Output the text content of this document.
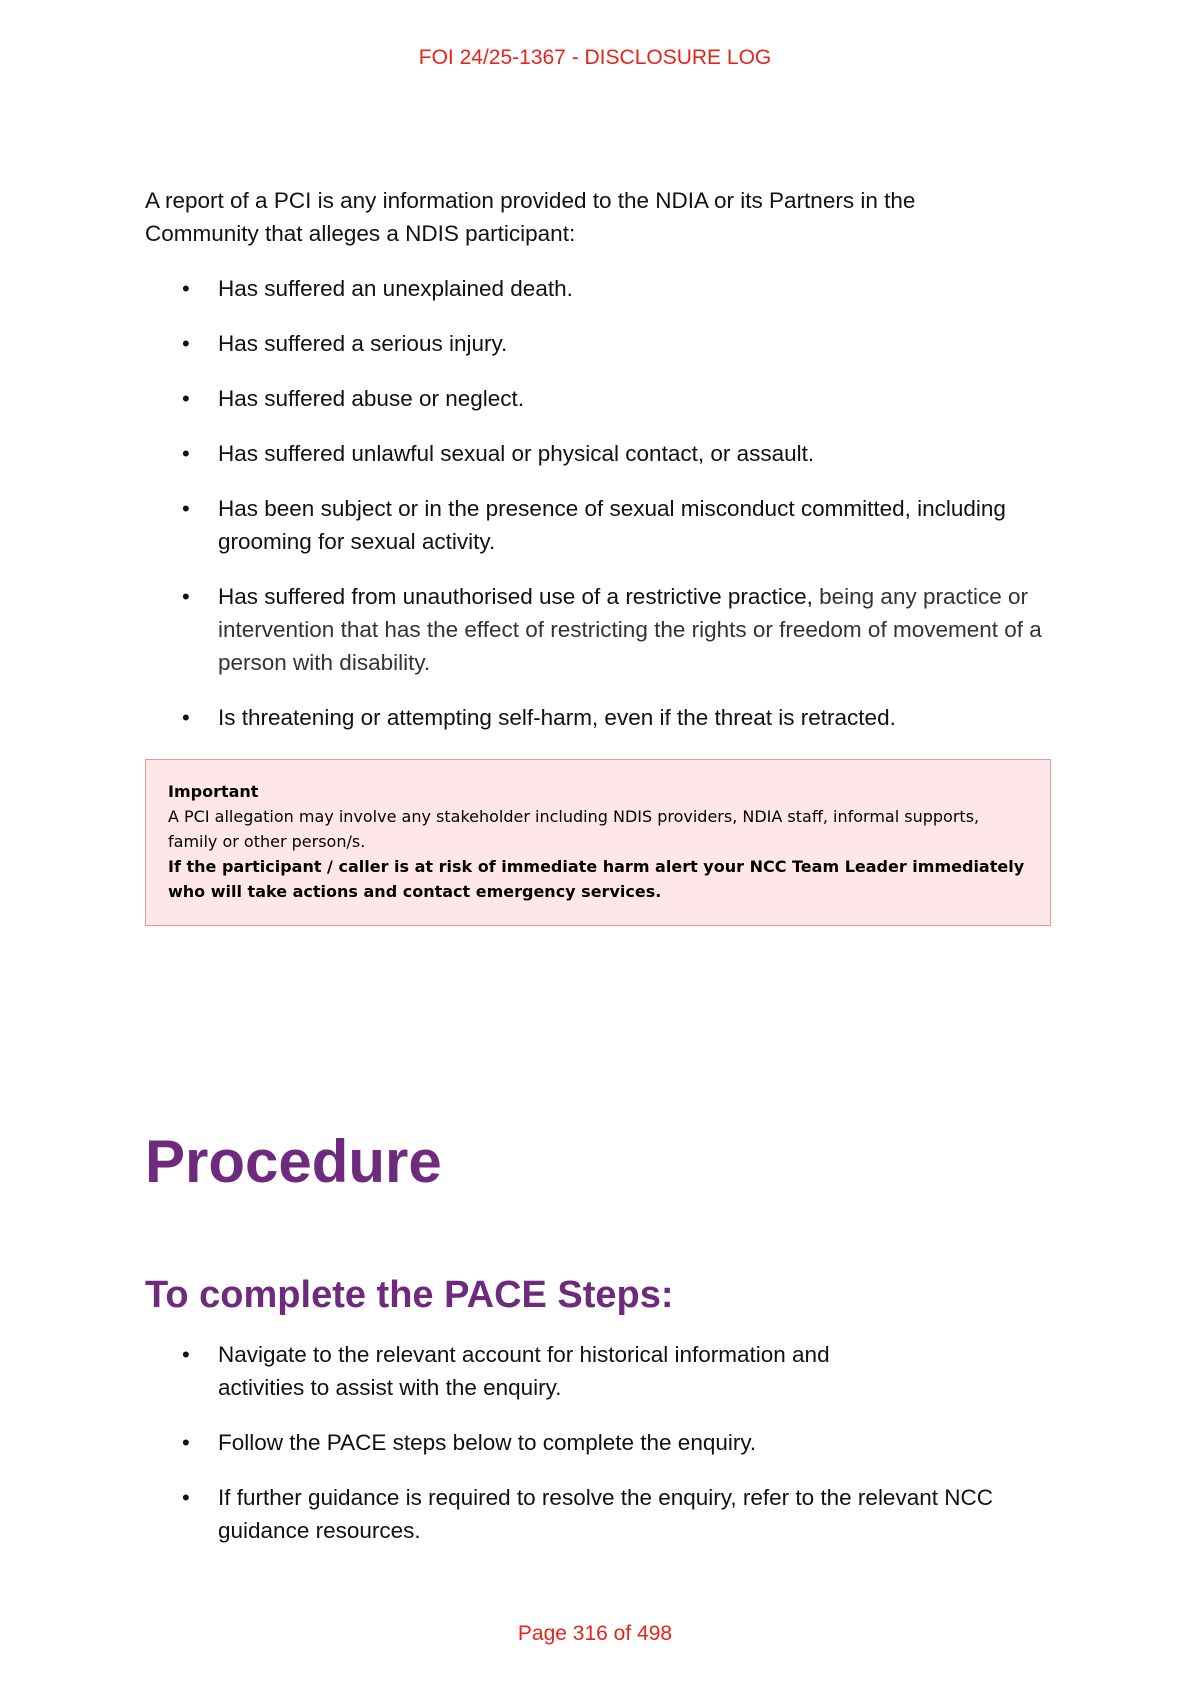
FOI 24/25-1367 - DISCLOSURE LOG

A report of a PCI is any information provided to the NDIA or its Partners in the Community that alleges a NDIS participant:

• Has suffered an unexplained death.
• Has suffered a serious injury.
• Has suffered abuse or neglect.
• Has suffered unlawful sexual or physical contact, or assault.
• Has been subject or in the presence of sexual misconduct committed, including grooming for sexual activity.
• Has suffered from unauthorised use of a restrictive practice, being any practice or intervention that has the effect of restricting the rights or freedom of movement of a person with disability.
• Is threatening or attempting self-harm, even if the threat is retracted.
Important
A PCI allegation may involve any stakeholder including NDIS providers, NDIA staff, informal supports, family or other person/s.
If the participant / caller is at risk of immediate harm alert your NCC Team Leader immediately who will take actions and contact emergency services.
Procedure
To complete the PACE Steps:
• Navigate to the relevant account for historical information and activities to assist with the enquiry.
• Follow the PACE steps below to complete the enquiry.
• If further guidance is required to resolve the enquiry, refer to the relevant NCC guidance resources.
Page 316 of 498
